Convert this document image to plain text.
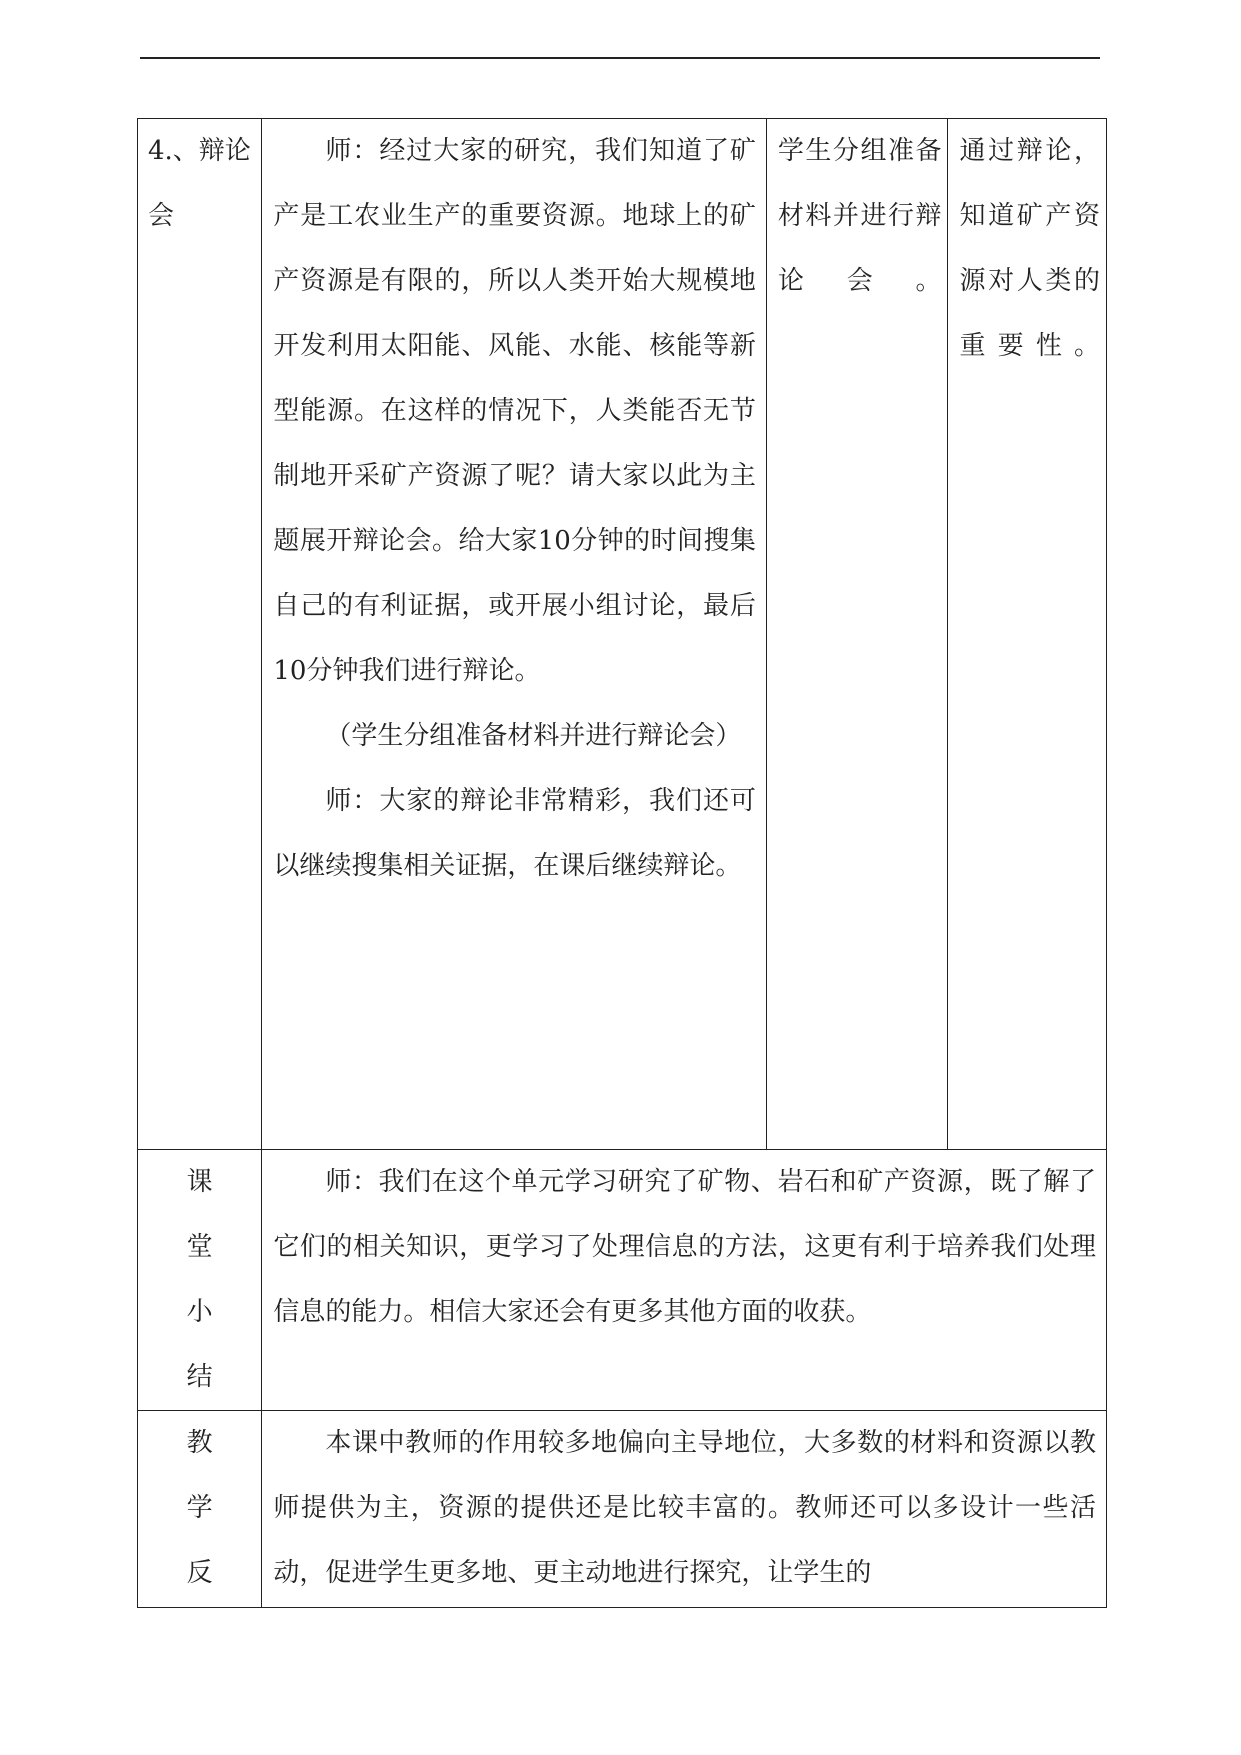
4.、辩论会	师：经过大家的研究，我们知道了矿产是工农业生产的重要资源。地球上的矿产资源是有限的，所以人类开始大规模地开发利用太阳能、风能、水能、核能等新型能源。在这样的情况下，人类能否无节制地开采矿产资源了呢？请大家以此为主题展开辩论会。给大家10分钟的时间搜集自己的有利证据，或开展小组讨论，最后10分钟我们进行辩论。

（学生分组准备材料并进行辩论会）

师：大家的辩论非常精彩，我们还可以继续搜集相关证据，在课后继续辩论。	学生分组准备材料并进行辩论会。	通过辩论，知道矿产资源对人类的重要性。

课
堂
小
结	师：我们在这个单元学习研究了矿物、岩石和矿产资源，既了解了它们的相关知识，更学习了处理信息的方法，这更有利于培养我们处理信息的能力。相信大家还会有更多其他方面的收获。		

教
学
反	本课中教师的作用较多地偏向主导地位，大多数的材料和资源以教师提供为主，资源的提供还是比较丰富的。教师还可以多设计一些活动，促进学生更多地、更主动地进行探究，让学生的		
